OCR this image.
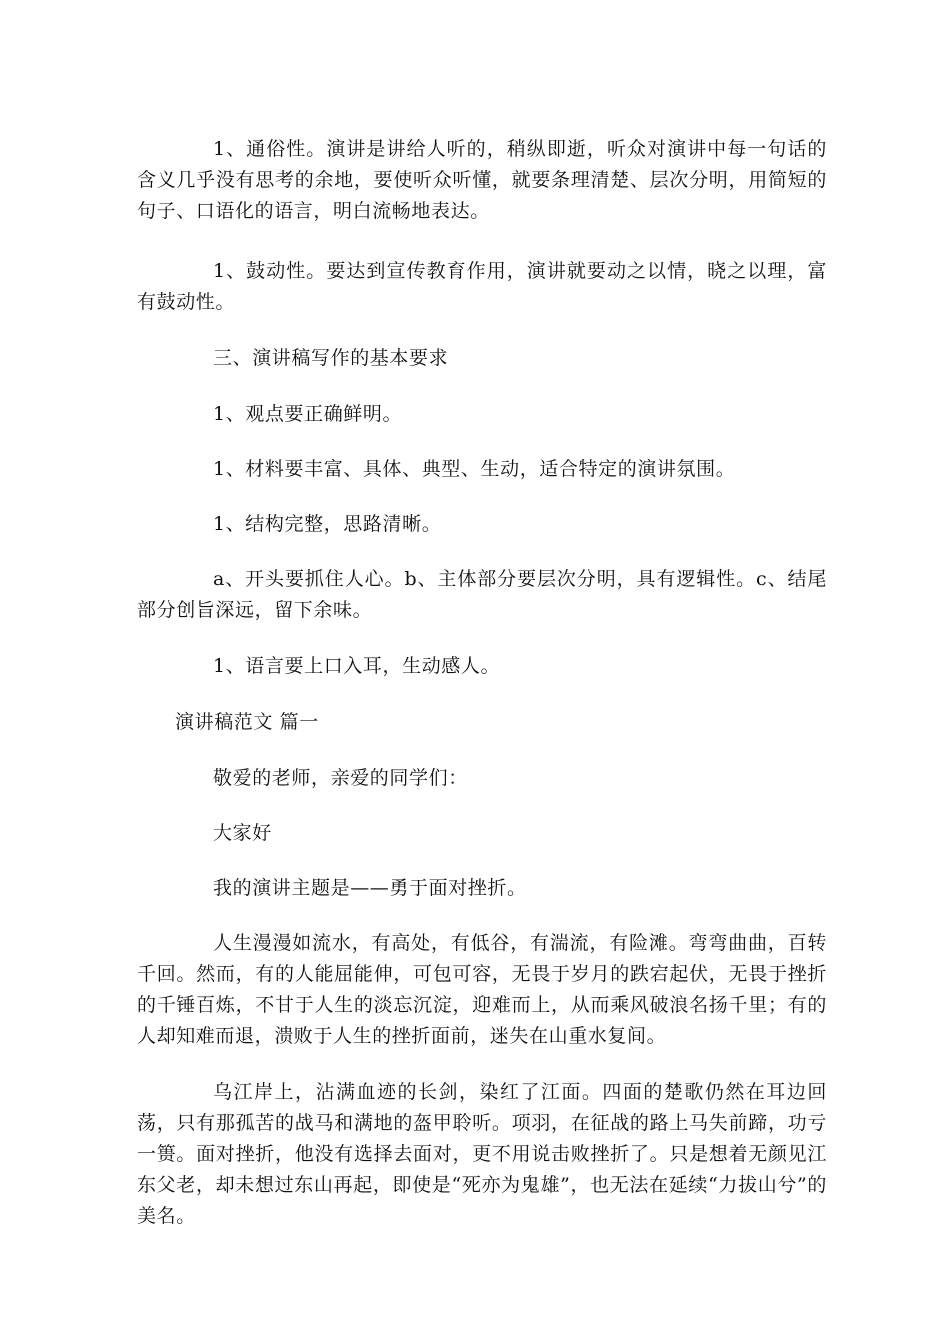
1、通俗性。演讲是讲给人听的，稍纵即逝，听众对演讲中每一句话的含义几乎没有思考的余地，要使听众听懂，就要条理清楚、层次分明，用简短的句子、口语化的语言，明白流畅地表达。

1、鼓动性。要达到宣传教育作用，演讲就要动之以情，晓之以理，富有鼓动性。

三、演讲稿写作的基本要求

1、观点要正确鲜明。

1、材料要丰富、具体、典型、生动，适合特定的演讲氛围。

1、结构完整，思路清晰。

a、开头要抓住人心。b、主体部分要层次分明，具有逻辑性。c、结尾部分创旨深远，留下余味。

1、语言要上口入耳，生动感人。

演讲稿范文 篇一

敬爱的老师，亲爱的同学们：

大家好

我的演讲主题是——勇于面对挫折。

人生漫漫如流水，有高处，有低谷，有湍流，有险滩。弯弯曲曲，百转千回。然而，有的人能屈能伸，可包可容，无畏于岁月的跌宕起伏，无畏于挫折的千锤百炼，不甘于人生的淡忘沉淀，迎难而上，从而乘风破浪名扬千里；有的人却知难而退，溃败于人生的挫折面前，迷失在山重水复间。

乌江岸上，沾满血迹的长剑，染红了江面。四面的楚歌仍然在耳边回荡，只有那孤苦的战马和满地的盔甲聆听。项羽，在征战的路上马失前蹄，功亏一篑。面对挫折，他没有选择去面对，更不用说击败挫折了。只是想着无颜见江东父老，却未想过东山再起，即使是“死亦为鬼雄”，也无法在延续“力拔山兮”的美名。
